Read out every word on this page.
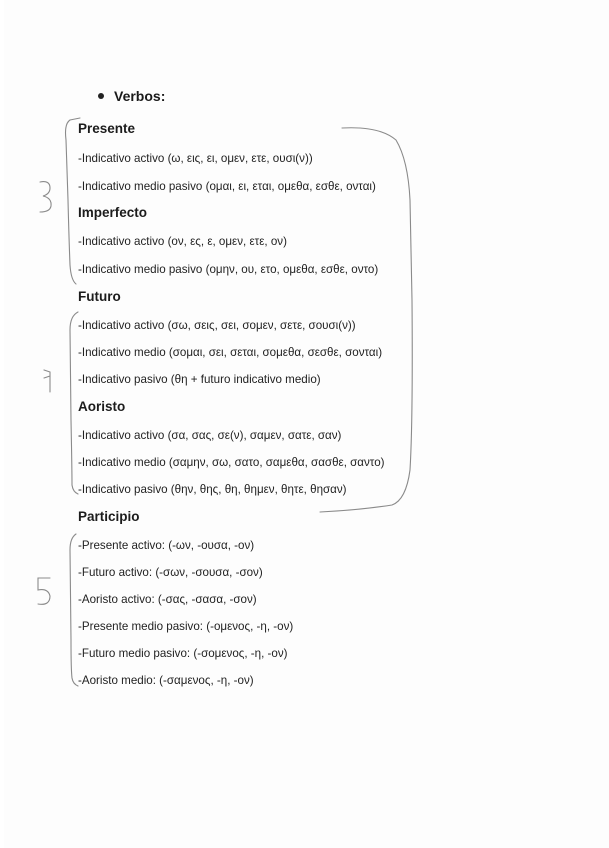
Verbos:
Presente
-Indicativo activo (ω, εις, ει, ομεν, ετε, ουσι(ν))
-Indicativo medio pasivo (ομαι, ει, εται, ομεθα, εσθε, ονται)
Imperfecto
-Indicativo activo (ον, ες, ε, ομεν, ετε, ον)
-Indicativo medio pasivo (ομην, ου, ετο, ομεθα, εσθε, οντο)
Futuro
-Indicativo activo (σω, σεις, σει, σομεν, σετε, σουσι(ν))
-Indicativo medio (σομαι, σει, σεται, σομεθα, σεσθε, σονται)
-Indicativo pasivo (θη + futuro indicativo medio)
Aoristo
-Indicativo activo (σα, σας, σε(ν), σαμεν, σατε, σαν)
-Indicativo medio (σαμην, σω, σατο, σαμεθα, σασθε, σαντο)
-Indicativo pasivo (θην, θης, θη, θημεν, θητε, θησαν)
Participio
-Presente activo: (-ων, -ουσα, -ον)
-Futuro activo: (-σων, -σουσα, -σον)
-Aoristo activo: (-σας, -σασα, -σον)
-Presente medio pasivo: (-ομενος, -η, -ον)
-Futuro medio pasivo: (-σομενος, -η, -ον)
-Aoristo medio: (-σαμενος, -η, -ον)
